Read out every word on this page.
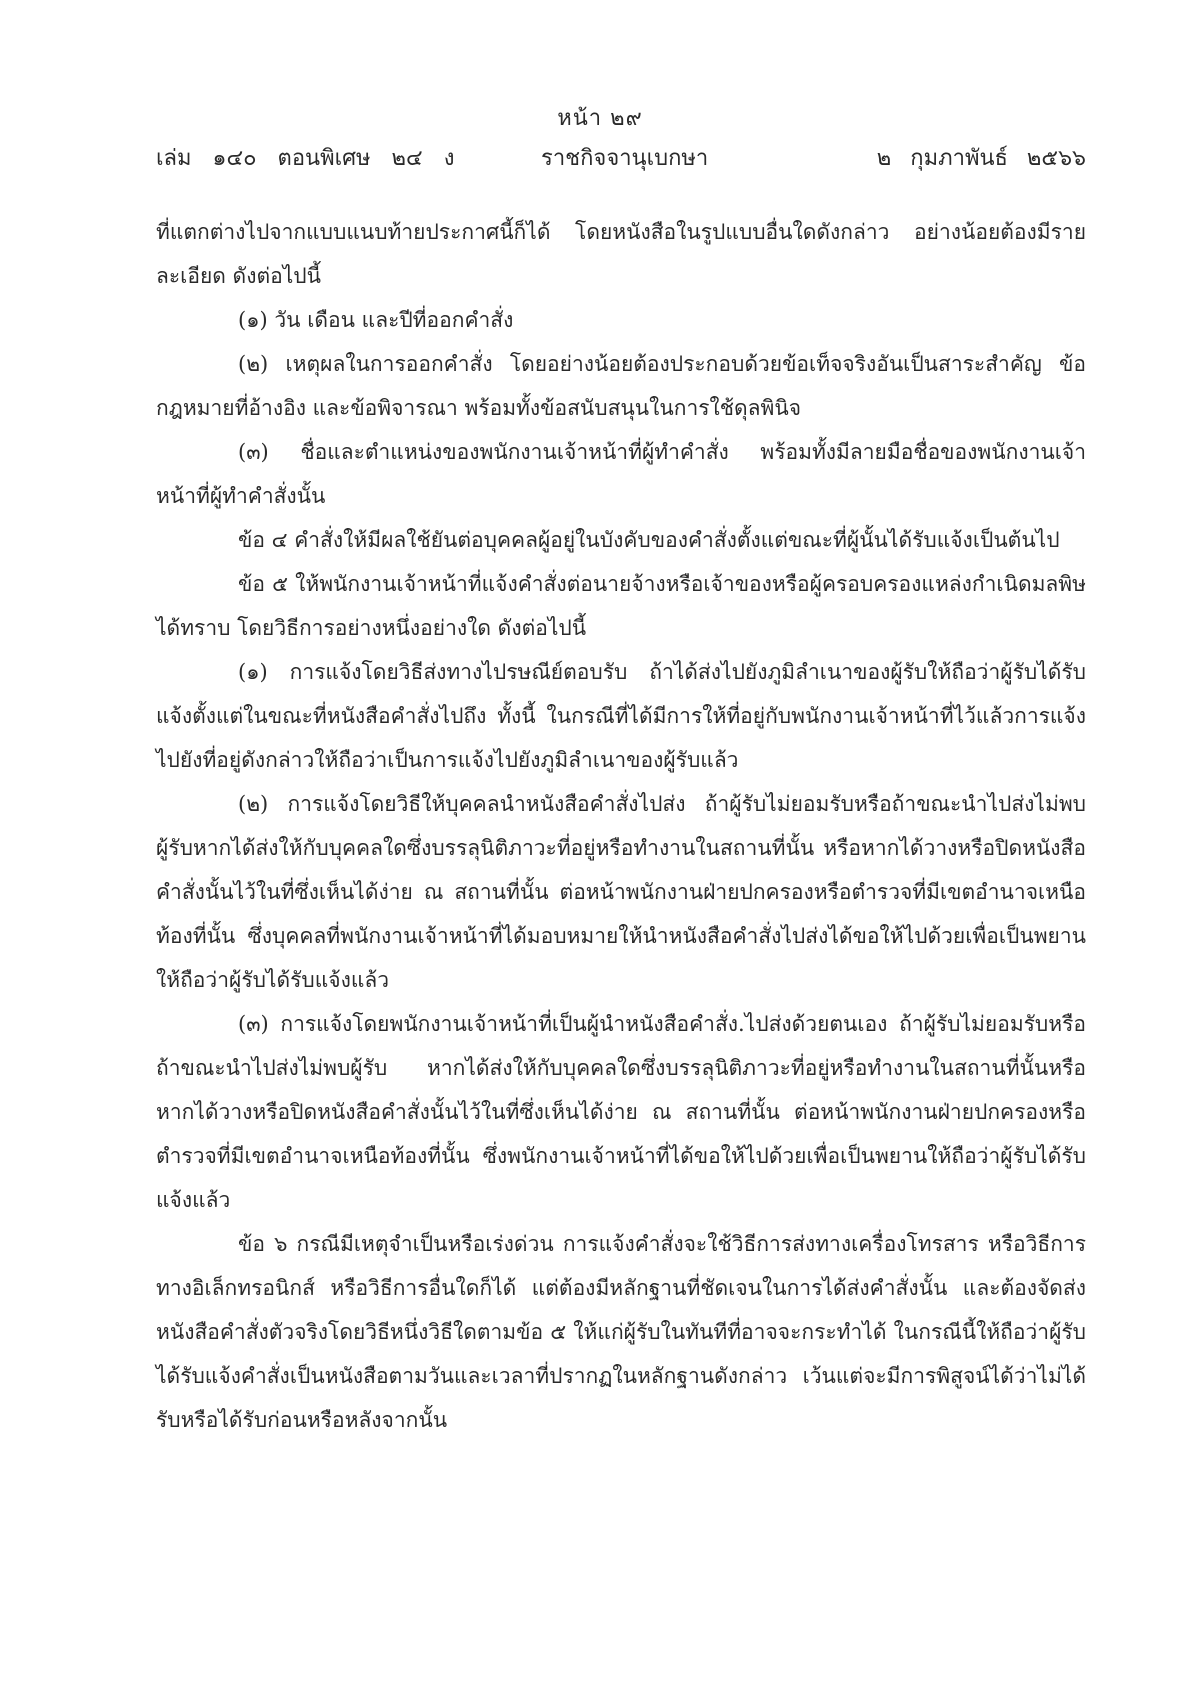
หน้า ๒๙
เล่ม ๑๔๐ ตอนพิเศษ ๒๔ ง	ราชกิจจานุเบกษา	๒ กุมภาพันธ์ ๒๕๖๖

ที่แตกต่างไปจากแบบแนบท้ายประกาศนี้ก็ได้ โดยหนังสือในรูปแบบอื่นใดดังกล่าว อย่างน้อยต้องมีรายละเอียด ดังต่อไปนี้

(๑) วัน เดือน และปีที่ออกคำสั่ง

(๒) เหตุผลในการออกคำสั่ง โดยอย่างน้อยต้องประกอบด้วยข้อเท็จจริงอันเป็นสาระสำคัญ ข้อกฎหมายที่อ้างอิง และข้อพิจารณา พร้อมทั้งข้อสนับสนุนในการใช้ดุลพินิจ

(๓) ชื่อและตำแหน่งของพนักงานเจ้าหน้าที่ผู้ทำคำสั่ง พร้อมทั้งมีลายมือชื่อของพนักงานเจ้าหน้าที่ผู้ทำคำสั่งนั้น

ข้อ ๔ คำสั่งให้มีผลใช้ยันต่อบุคคลผู้อยู่ในบังคับของคำสั่งตั้งแต่ขณะที่ผู้นั้นได้รับแจ้งเป็นต้นไป

ข้อ ๕ ให้พนักงานเจ้าหน้าที่แจ้งคำสั่งต่อนายจ้างหรือเจ้าของหรือผู้ครอบครองแหล่งกำเนิดมลพิษได้ทราบ โดยวิธีการอย่างหนึ่งอย่างใด ดังต่อไปนี้

(๑) การแจ้งโดยวิธีส่งทางไปรษณีย์ตอบรับ ถ้าได้ส่งไปยังภูมิลำเนาของผู้รับให้ถือว่าผู้รับได้รับแจ้งตั้งแต่ในขณะที่หนังสือคำสั่งไปถึง ทั้งนี้ ในกรณีที่ได้มีการให้ที่อยู่กับพนักงานเจ้าหน้าที่ไว้แล้วการแจ้งไปยังที่อยู่ดังกล่าวให้ถือว่าเป็นการแจ้งไปยังภูมิลำเนาของผู้รับแล้ว

(๒) การแจ้งโดยวิธีให้บุคคลนำหนังสือคำสั่งไปส่ง ถ้าผู้รับไม่ยอมรับหรือถ้าขณะนำไปส่งไม่พบผู้รับหากได้ส่งให้กับบุคคลใดซึ่งบรรลุนิติภาวะที่อยู่หรือทำงานในสถานที่นั้น หรือหากได้วางหรือปิดหนังสือคำสั่งนั้นไว้ในที่ซึ่งเห็นได้ง่าย ณ สถานที่นั้น ต่อหน้าพนักงานฝ่ายปกครองหรือตำรวจที่มีเขตอำนาจเหนือท้องที่นั้น ซึ่งบุคคลที่พนักงานเจ้าหน้าที่ได้มอบหมายให้นำหนังสือคำสั่งไปส่งได้ขอให้ไปด้วยเพื่อเป็นพยาน ให้ถือว่าผู้รับได้รับแจ้งแล้ว

(๓) การแจ้งโดยพนักงานเจ้าหน้าที่เป็นผู้นำหนังสือคำสั่ง.ไปส่งด้วยตนเอง ถ้าผู้รับไม่ยอมรับหรือถ้าขณะนำไปส่งไม่พบผู้รับ หากได้ส่งให้กับบุคคลใดซึ่งบรรลุนิติภาวะที่อยู่หรือทำงานในสถานที่นั้นหรือหากได้วางหรือปิดหนังสือคำสั่งนั้นไว้ในที่ซึ่งเห็นได้ง่าย ณ สถานที่นั้น ต่อหน้าพนักงานฝ่ายปกครองหรือตำรวจที่มีเขตอำนาจเหนือท้องที่นั้น ซึ่งพนักงานเจ้าหน้าที่ได้ขอให้ไปด้วยเพื่อเป็นพยานให้ถือว่าผู้รับได้รับแจ้งแล้ว

ข้อ ๖ กรณีมีเหตุจำเป็นหรือเร่งด่วน การแจ้งคำสั่งจะใช้วิธีการส่งทางเครื่องโทรสาร หรือวิธีการทางอิเล็กทรอนิกส์ หรือวิธีการอื่นใดก็ได้ แต่ต้องมีหลักฐานที่ชัดเจนในการได้ส่งคำสั่งนั้น และต้องจัดส่งหนังสือคำสั่งตัวจริงโดยวิธีหนึ่งวิธีใดตามข้อ ๕ ให้แก่ผู้รับในทันทีที่อาจจะกระทำได้ ในกรณีนี้ให้ถือว่าผู้รับได้รับแจ้งคำสั่งเป็นหนังสือตามวันและเวลาที่ปรากฏในหลักฐานดังกล่าว เว้นแต่จะมีการพิสูจน์ได้ว่าไม่ได้รับหรือได้รับก่อนหรือหลังจากนั้น
